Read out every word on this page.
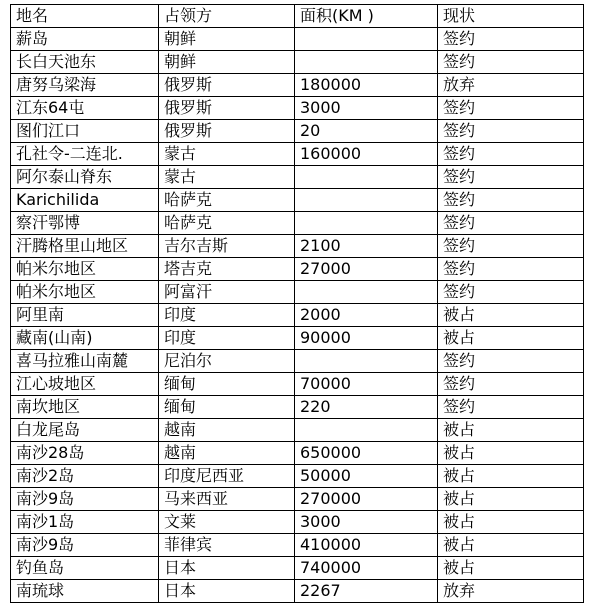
地名	占领方	面积(KM )	现状
薪岛	朝鲜		签约
长白天池东	朝鲜		签约
唐努乌梁海	俄罗斯	180000	放弃
江东64屯	俄罗斯	3000	签约
图们江口	俄罗斯	20	签约
孔社令-二连北.	蒙古	160000	签约
阿尔泰山脊东	蒙古		签约
Karichilida	哈萨克		签约
察汗鄂博	哈萨克		签约
汗腾格里山地区	吉尔吉斯	2100	签约
帕米尔地区	塔吉克	27000	签约
帕米尔地区	阿富汗		签约
阿里南	印度	2000	被占
藏南(山南)	印度	90000	被占
喜马拉雅山南麓	尼泊尔		签约
江心坡地区	缅甸	70000	签约
南坎地区	缅甸	220	签约
白龙尾岛	越南		被占
南沙28岛	越南	650000	被占
南沙2岛	印度尼西亚	50000	被占
南沙9岛	马来西亚	270000	被占
南沙1岛	文莱	3000	被占
南沙9岛	菲律宾	410000	被占
钓鱼岛	日本	740000	被占
南琉球	日本	2267	放弃
